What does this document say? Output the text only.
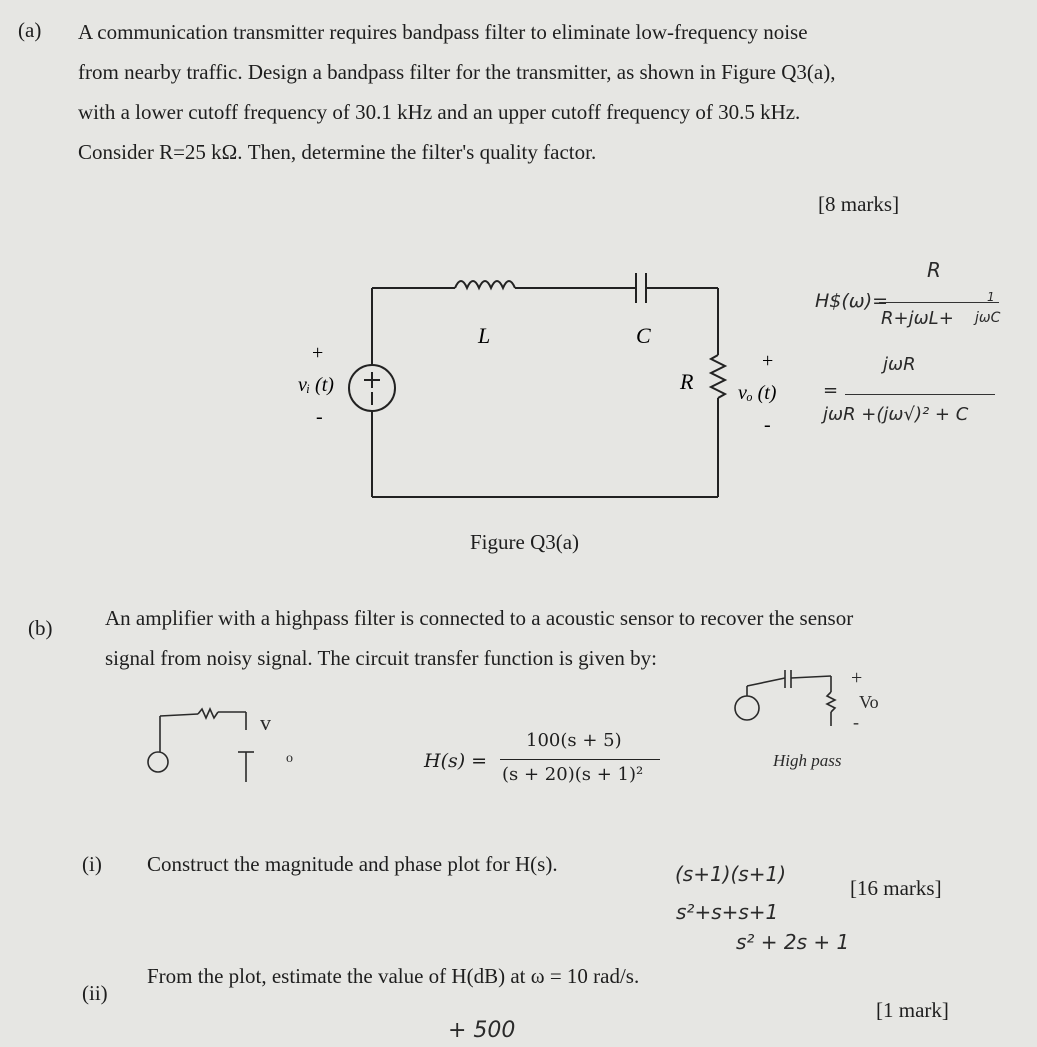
(a) A communication transmitter requires bandpass filter to eliminate low-frequency noise
from nearby traffic. Design a bandpass filter for the transmitter, as shown in Figure Q3(a),
with a lower cutoff frequency of 30.1 kHz and an upper cutoff frequency of 30.5 kHz.
Consider R=25 kΩ. Then, determine the filter's quality factor.
[8 marks]
L	C
R
+
vᵢ (t)
-
+
vₒ (t)
-
Figure Q3(a)
R
H$(ω)=
R+jωL+
1
jωC
jωR
=
jωR +(jω√)² + C
(b)	An amplifier with a highpass filter is connected to a acoustic sensor to recover the sensor
signal from noisy signal. The circuit transfer function is given by:
v
o	H(s) =
100(s + 5)
(s + 20)(s + 1)²
+
Vo
-
High pass
(i) Construct the magnitude and phase plot for H(s).
[16 marks]
(s+1)(s+1)
s²+s+s+1
s² + 2s + 1
(ii)
From the plot, estimate the value of H(dB) at ω = 10 rad/s.
[1 mark]
+ 500
